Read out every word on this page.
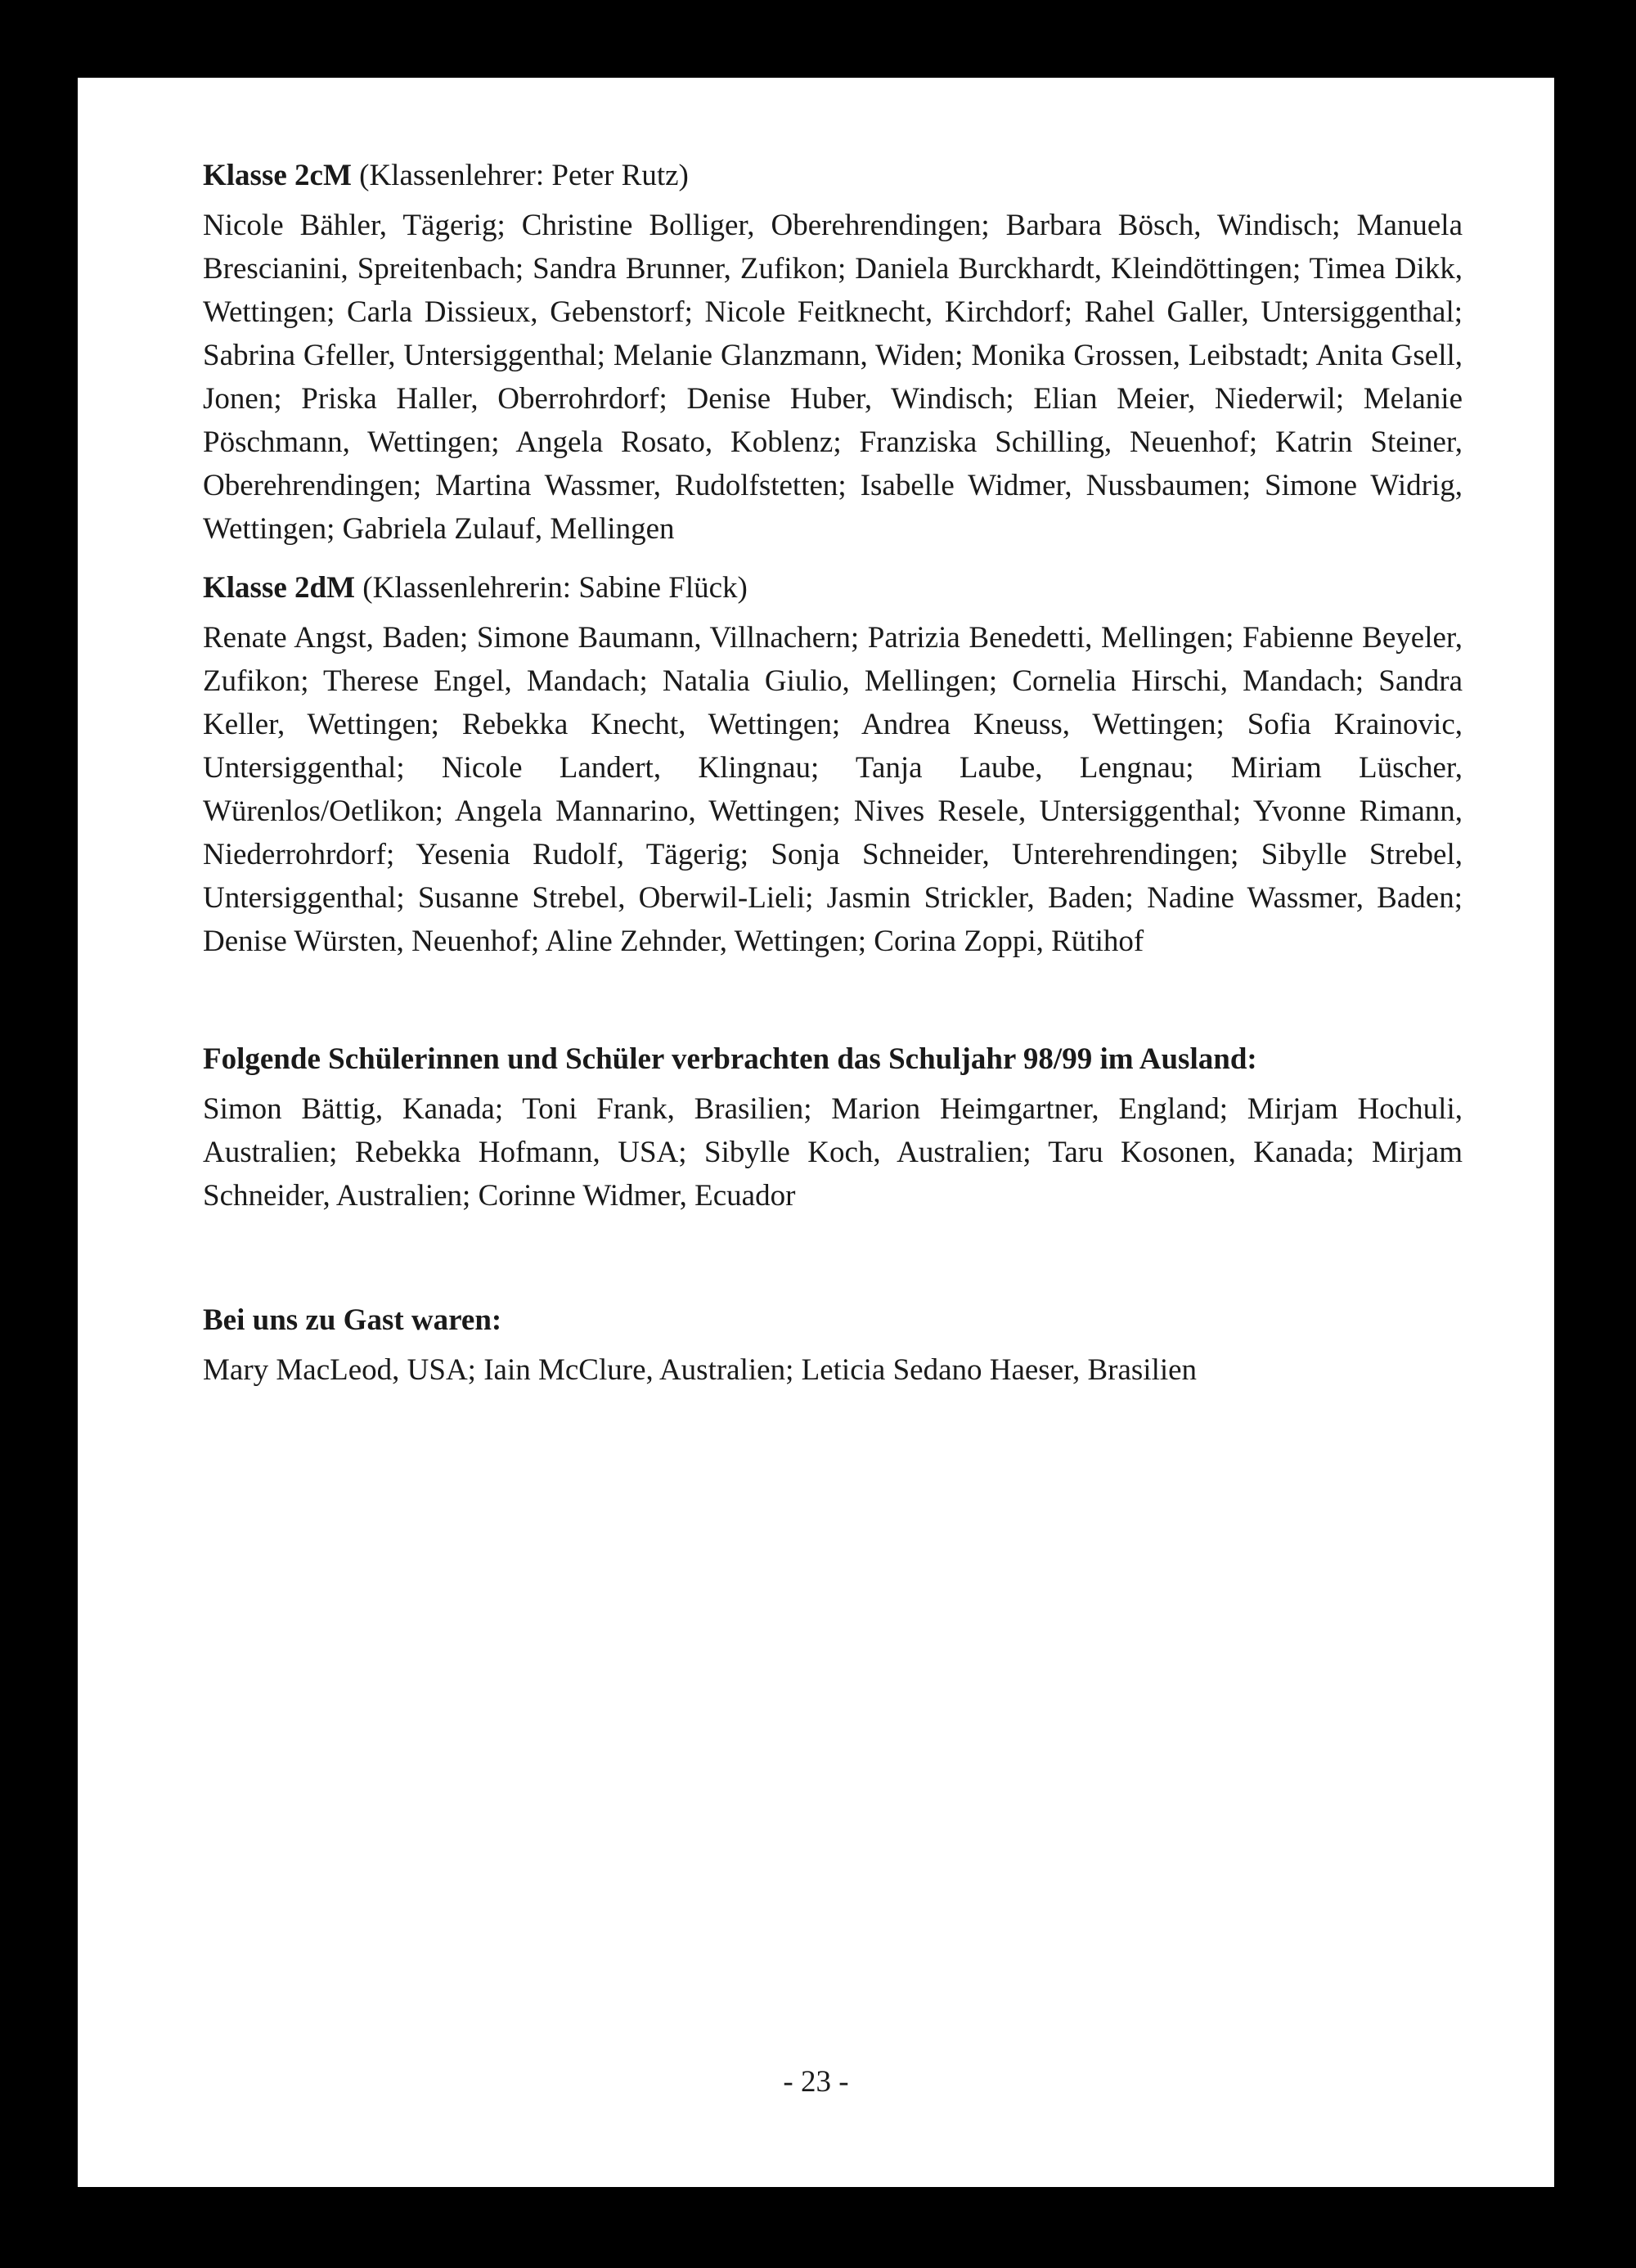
Klasse 2cM (Klassenlehrer: Peter Rutz)

Nicole Bähler, Tägerig; Christine Bolliger, Oberehrendingen; Barbara Bösch, Windisch; Manuela Brescianini, Spreitenbach; Sandra Brunner, Zufikon; Daniela Burckhardt, Kleindöttingen; Timea Dikk, Wettingen; Carla Dissieux, Gebenstorf; Nicole Feitknecht, Kirchdorf; Rahel Galler, Untersiggenthal; Sabrina Gfeller, Untersiggenthal; Melanie Glanzmann, Widen; Monika Grossen, Leibstadt; Anita Gsell, Jonen; Priska Haller, Oberrohrdorf; Denise Huber, Windisch; Elian Meier, Niederwil; Melanie Pöschmann, Wettingen; Angela Rosato, Koblenz; Franziska Schilling, Neuenhof; Katrin Steiner, Oberehrendingen; Martina Wassmer, Rudolfstetten; Isabelle Widmer, Nussbaumen; Simone Widrig, Wettingen; Gabriela Zulauf, Mellingen

Klasse 2dM (Klassenlehrerin: Sabine Flück)

Renate Angst, Baden; Simone Baumann, Villnachern; Patrizia Benedetti, Mellingen; Fabienne Beyeler, Zufikon; Therese Engel, Mandach; Natalia Giulio, Mellingen; Cornelia Hirschi, Mandach; Sandra Keller, Wettingen; Rebekka Knecht, Wettingen; Andrea Kneuss, Wettingen; Sofia Krainovic, Untersiggenthal; Nicole Landert, Klingnau; Tanja Laube, Lengnau; Miriam Lüscher, Würenlos/Oetlikon; Angela Mannarino, Wettingen; Nives Resele, Untersiggenthal; Yvonne Rimann, Niederrohrdorf; Yesenia Rudolf, Tägerig; Sonja Schneider, Unterehrendingen; Sibylle Strebel, Untersiggenthal; Susanne Strebel, Oberwil-Lieli; Jasmin Strickler, Baden; Nadine Wassmer, Baden; Denise Würsten, Neuenhof; Aline Zehnder, Wettingen; Corina Zoppi, Rütihof

Folgende Schülerinnen und Schüler verbrachten das Schuljahr 98/99 im Ausland:

Simon Bättig, Kanada; Toni Frank, Brasilien; Marion Heimgartner, England; Mirjam Hochuli, Australien; Rebekka Hofmann, USA; Sibylle Koch, Australien; Taru Kosonen, Kanada; Mirjam Schneider, Australien; Corinne Widmer, Ecuador

Bei uns zu Gast waren:

Mary MacLeod, USA; Iain McClure, Australien; Leticia Sedano Haeser, Brasilien

- 23 -
